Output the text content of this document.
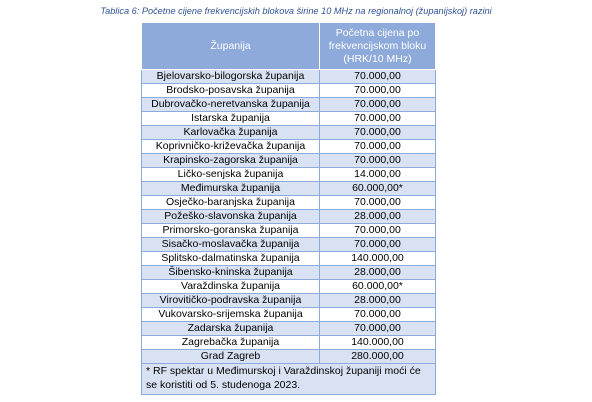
Tablica 6: Početne cijene frekvencijskih blokova širine 10 MHz na regionalnoj (županijskoj) razini
Županija	Početna cijena po frekvencijskom bloku (HRK/10 MHz)
Bjelovarsko-bilogorska županija	70.000,00
Brodsko-posavska županija	70.000,00
Dubrovačko-neretvanska županija	70.000,00
Istarska županija	70.000,00
Karlovačka županija	70.000,00
Koprivničko-križevačka županija	70.000,00
Krapinsko-zagorska županija	70.000,00
Ličko-senjska županija	14.000,00
Međimurska županija	60.000,00*
Osječko-baranjska županija	70.000,00
Požeško-slavonska županija	28.000,00
Primorsko-goranska županija	70.000,00
Sisačko-moslavačka županija	70.000,00
Splitsko-dalmatinska županija	140.000,00
Šibensko-kninska županija	28.000,00
Varaždinska županija	60.000,00*
Virovitičko-podravska županija	28.000,00
Vukovarsko-srijemska županija	70.000,00
Zadarska županija	70.000,00
Zagrebačka županija	140.000,00
Grad Zagreb	280.000,00
* RF spektar u Međimurskoj i Varaždinskoj županiji moći će se koristiti od 5. studenoga 2023.	
